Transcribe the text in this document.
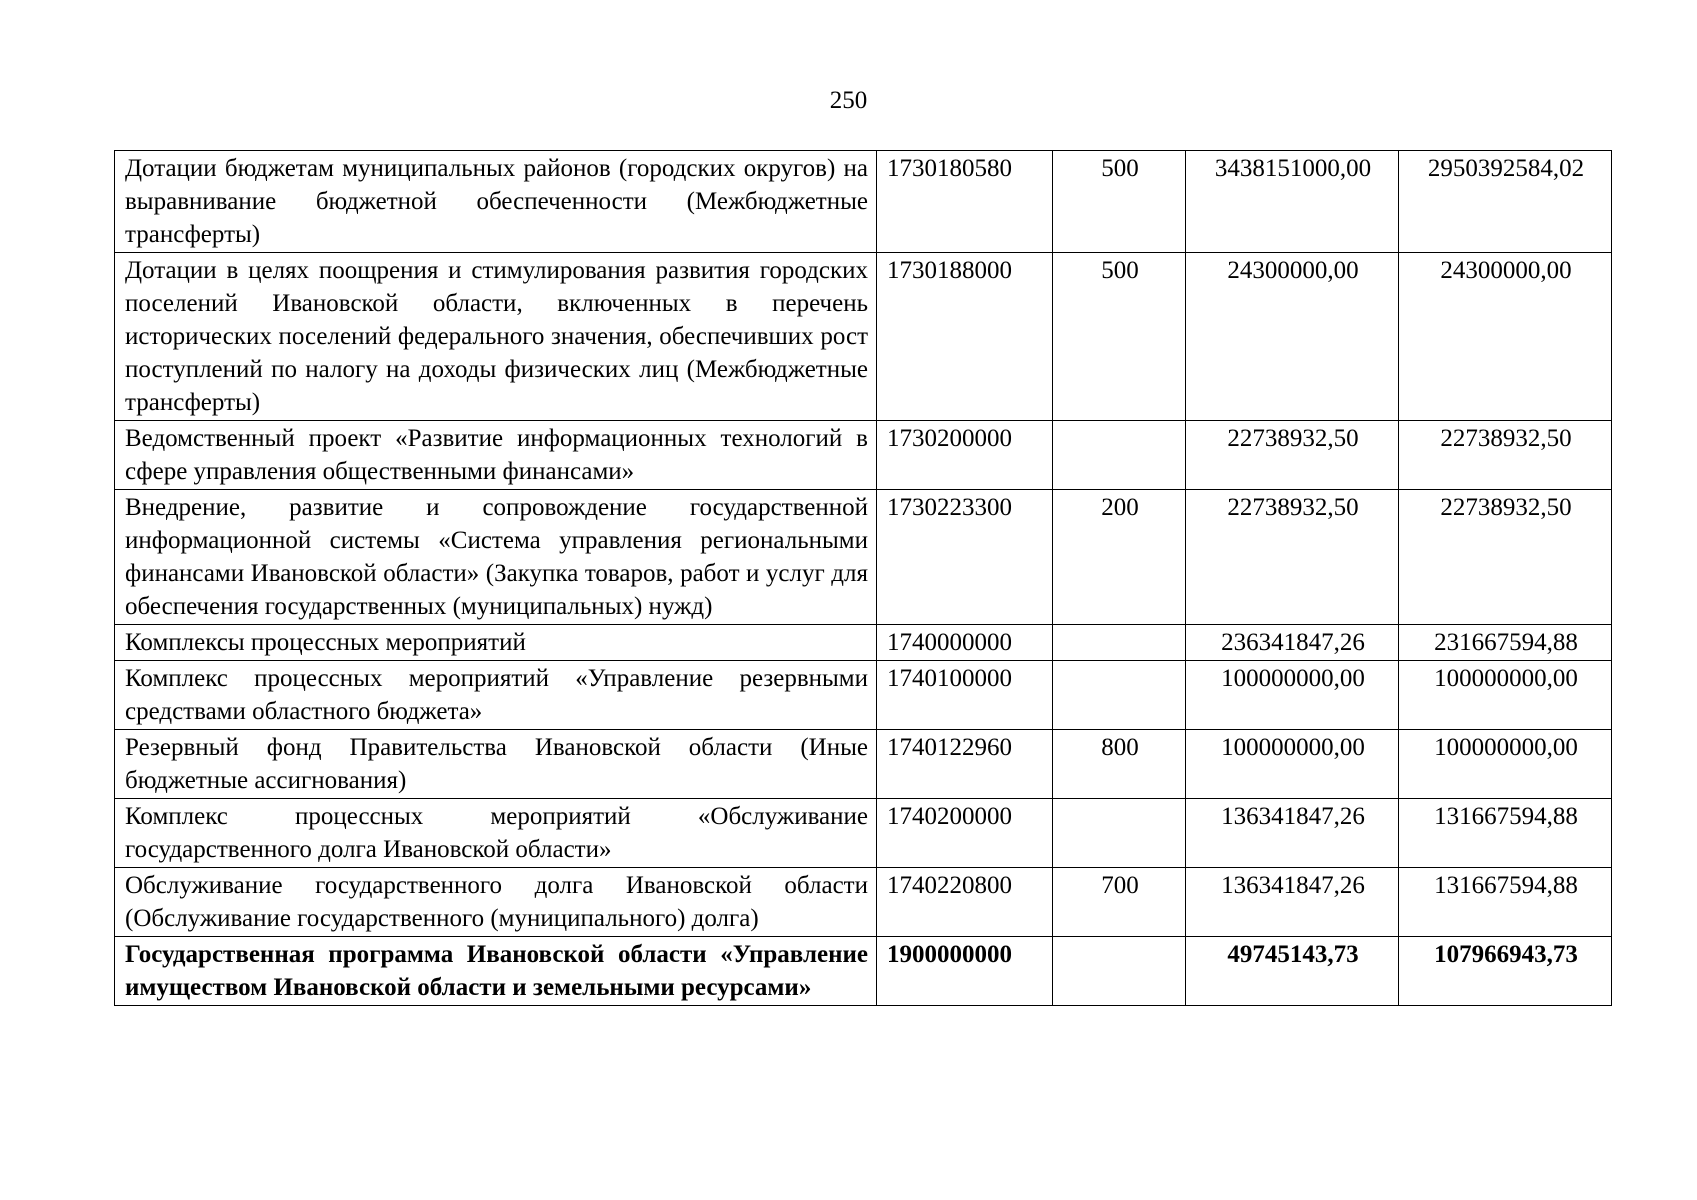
250
Дотации бюджетам муниципальных районов (городских округов) на выравнивание бюджетной обеспеченности (Межбюджетные трансферты)	1730180580	500	3438151000,00	2950392584,02
Дотации в целях поощрения и стимулирования развития городских поселений Ивановской области, включенных в перечень исторических поселений федерального значения, обеспечивших рост поступлений по налогу на доходы физических лиц (Межбюджетные трансферты)	1730188000	500	24300000,00	24300000,00
Ведомственный проект «Развитие информационных технологий в сфере управления общественными финансами»	1730200000		22738932,50	22738932,50
Внедрение, развитие и сопровождение государственной информационной системы «Система управления региональными финансами Ивановской области» (Закупка товаров, работ и услуг для обеспечения государственных (муниципальных) нужд)	1730223300	200	22738932,50	22738932,50
Комплексы процессных мероприятий	1740000000		236341847,26	231667594,88
Комплекс процессных мероприятий «Управление резервными средствами областного бюджета»	1740100000		100000000,00	100000000,00
Резервный фонд Правительства Ивановской области (Иные бюджетные ассигнования)	1740122960	800	100000000,00	100000000,00
Комплекс процессных мероприятий «Обслуживание государственного долга Ивановской области»	1740200000		136341847,26	131667594,88
Обслуживание государственного долга Ивановской области (Обслуживание государственного (муниципального) долга)	1740220800	700	136341847,26	131667594,88
Государственная программа Ивановской области «Управление имуществом Ивановской области и земельными ресурсами»	1900000000		49745143,73	107966943,73
